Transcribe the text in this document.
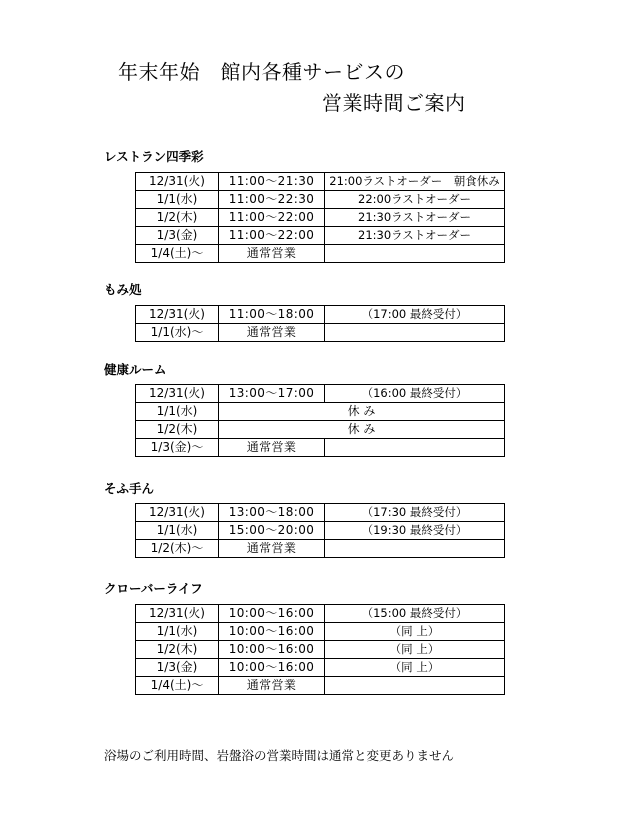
年末年始　館内各種サービスの
営業時間ご案内
レストラン四季彩
12/31(火)	11:00～21:30	21:00ラストオーダー　朝食休み
1/1(水)	11:00～22:30	22:00ラストオーダー
1/2(木)	11:00～22:00	21:30ラストオーダー
1/3(金)	11:00～22:00	21:30ラストオーダー
1/4(土)～	通常営業	
もみ処
12/31(火)	11:00～18:00	（17:00 最終受付）
1/1(水)～	通常営業	
健康ルーム
12/31(火)	13:00～17:00	（16:00 最終受付）
1/1(水)	休 み	
1/2(木)	休 み	
1/3(金)～	通常営業	
そふ手ん
12/31(火)	13:00～18:00	（17:30 最終受付）
1/1(水)	15:00～20:00	（19:30 最終受付）
1/2(木)～	通常営業	
クローバーライフ
12/31(火)	10:00～16:00	（15:00 最終受付）
1/1(水)	10:00～16:00	（同 上）
1/2(木)	10:00～16:00	（同 上）
1/3(金)	10:00～16:00	（同 上）
1/4(土)～	通常営業	
浴場のご利用時間、岩盤浴の営業時間は通常と変更ありません
